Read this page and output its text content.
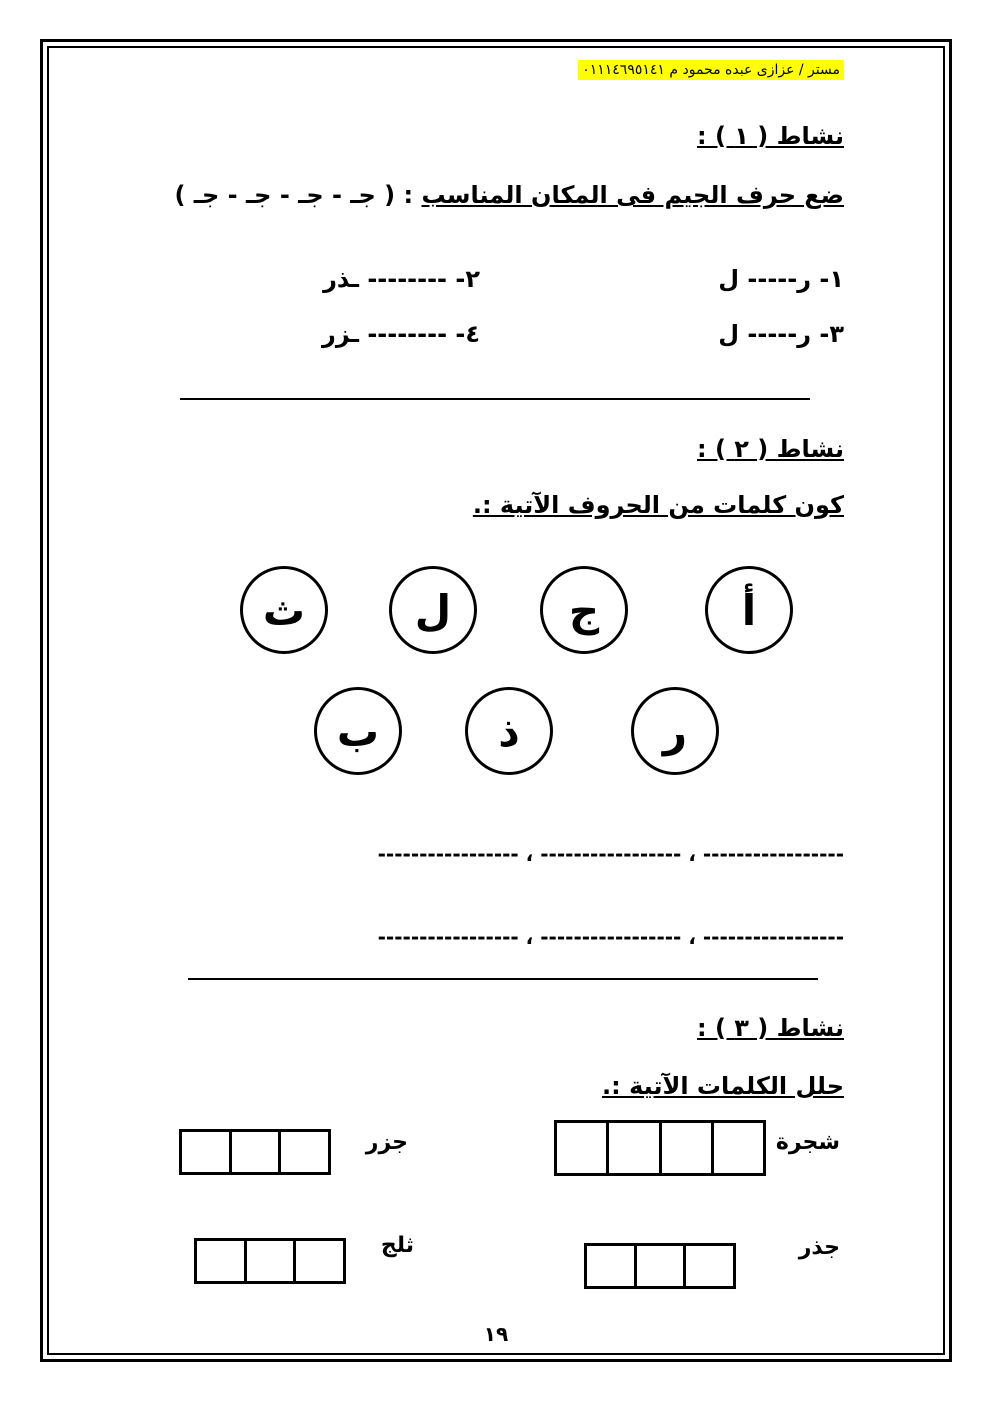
مستر / عزازى عبده محمود م ٠١١١٤٦٩٥١٤١
نشاط ( ١ ) :
ضع حرف الجيم فى المكان المناسب : ( جـ - جـ - جـ - جـ )
١- ر----- ل
٢- -------- ـذر
٣- ر----- ل
٤- -------- ـزر
نشاط ( ٢ ) :
كون كلمات من الحروف الآتية :.
أ
ج
ل
ث
ر
ذ
ب
----------------- ، ----------------- ، -----------------
----------------- ، ----------------- ، -----------------
نشاط ( ٣ ) :
حلل الكلمات الآتية :.
شجرة
جزر
جذر
ثلج
١٩
